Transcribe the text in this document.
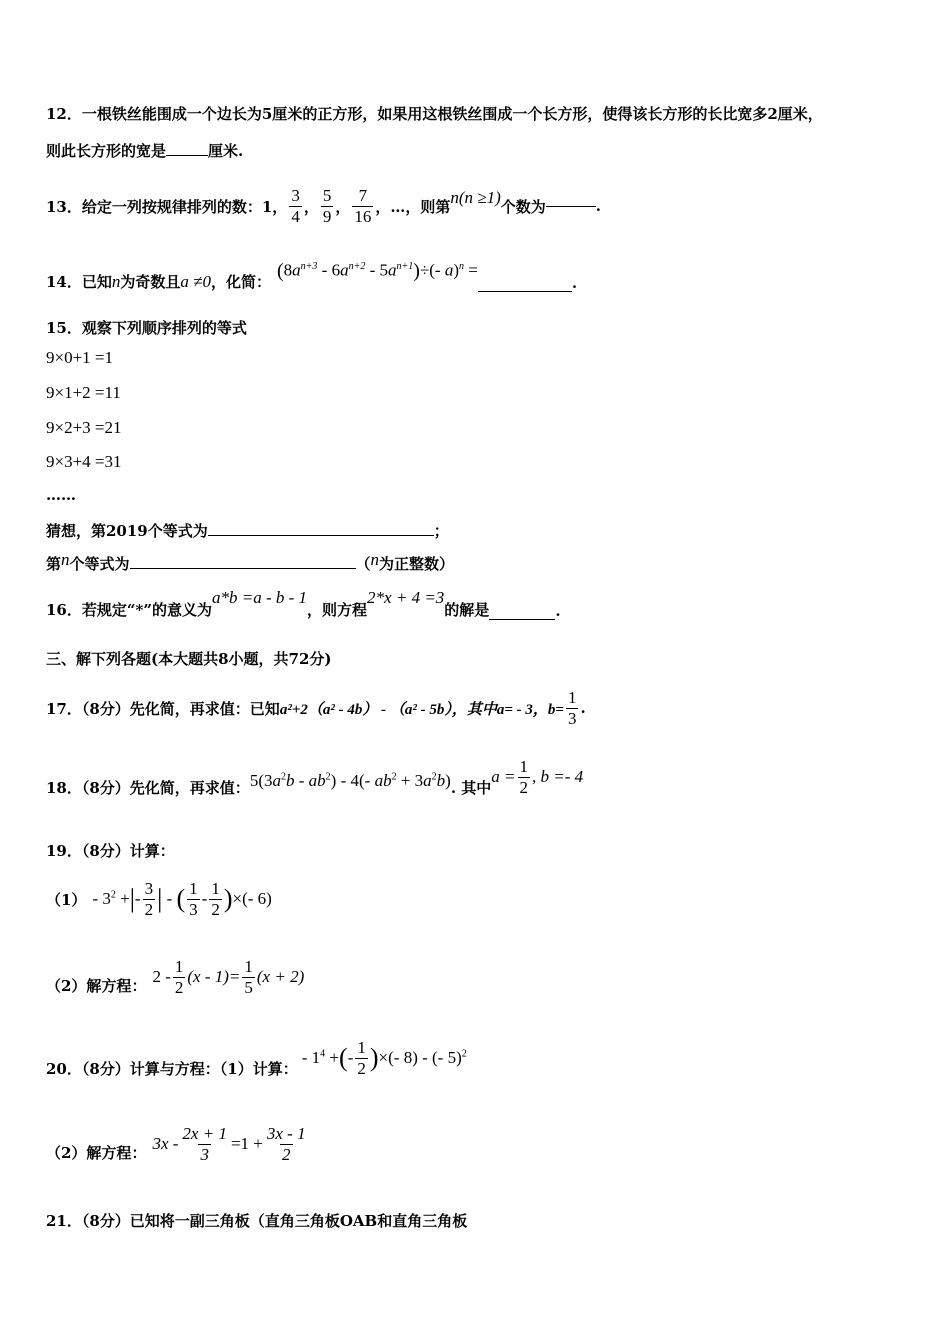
12．一根铁丝能围成一个边长为5厘米的正方形，如果用这根铁丝围成一个长方形，使得该长方形的长比宽多2厘米，
则此长方形的宽是	厘米.
13．给定一列按规律排列的数：1， $\frac{3}{4}$ ， $\frac{5}{9}$ ， $\frac{7}{16}$ ，…，则第 n(n ≥1) 个数为	.
14．已知 n 为奇数且 a ≠0 ，化简： $(8a^{n+3} - 6a^{n+2} - 5a^{n+1})\div(-$ a)$^n$ =
.
15．观察下列顺序排列的等式
9×0+1 =1
9×1+2 =11
9×2+3 =21
9×3+4 =31
……
猜想，第2019个等式为	；
第n个等式为	（n为正整数）
16．若规定“*”的意义为
a*b =a - b - 1
，则方程
2*x + 4 =3
的解是	.
三、解下列各题(本大题共8小题，共72分)
17．（8分）先化简，再求值：已知 a²+2（a² - 4b） - （a² - 5b），其中a= - 3，$b= \frac{1}{3}$ .
18．（8分）先化简，再求值： $5(3a^2b - ab^2) - 4(-$ $ab^2 + 3a^2b$) . 其中
$a = \frac{1}{2}$ , b =- 4
19．（8分）计算：
$(1) - 3^2$ + | - $\frac{3}{2}$ | - ( $\frac{1}{3} - \frac{1}{2}$ ) ×(- 6)
（2）解方程： $2 - \frac{1}{2} (x - 1)= \frac{1}{5} (x + 2)$
20．（8分）计算与方程：（1）计算：
- $1^4$ + ( - $\frac{1}{2}$ ) ×(- 8) - (- 5)$^2$
（2）解方程： $3x - \frac{2x + 1}{3} =1 + \frac{3x - 1}{2}$
21．（8分）已知将一副三角板（直角三角板OAB和直角三角板
